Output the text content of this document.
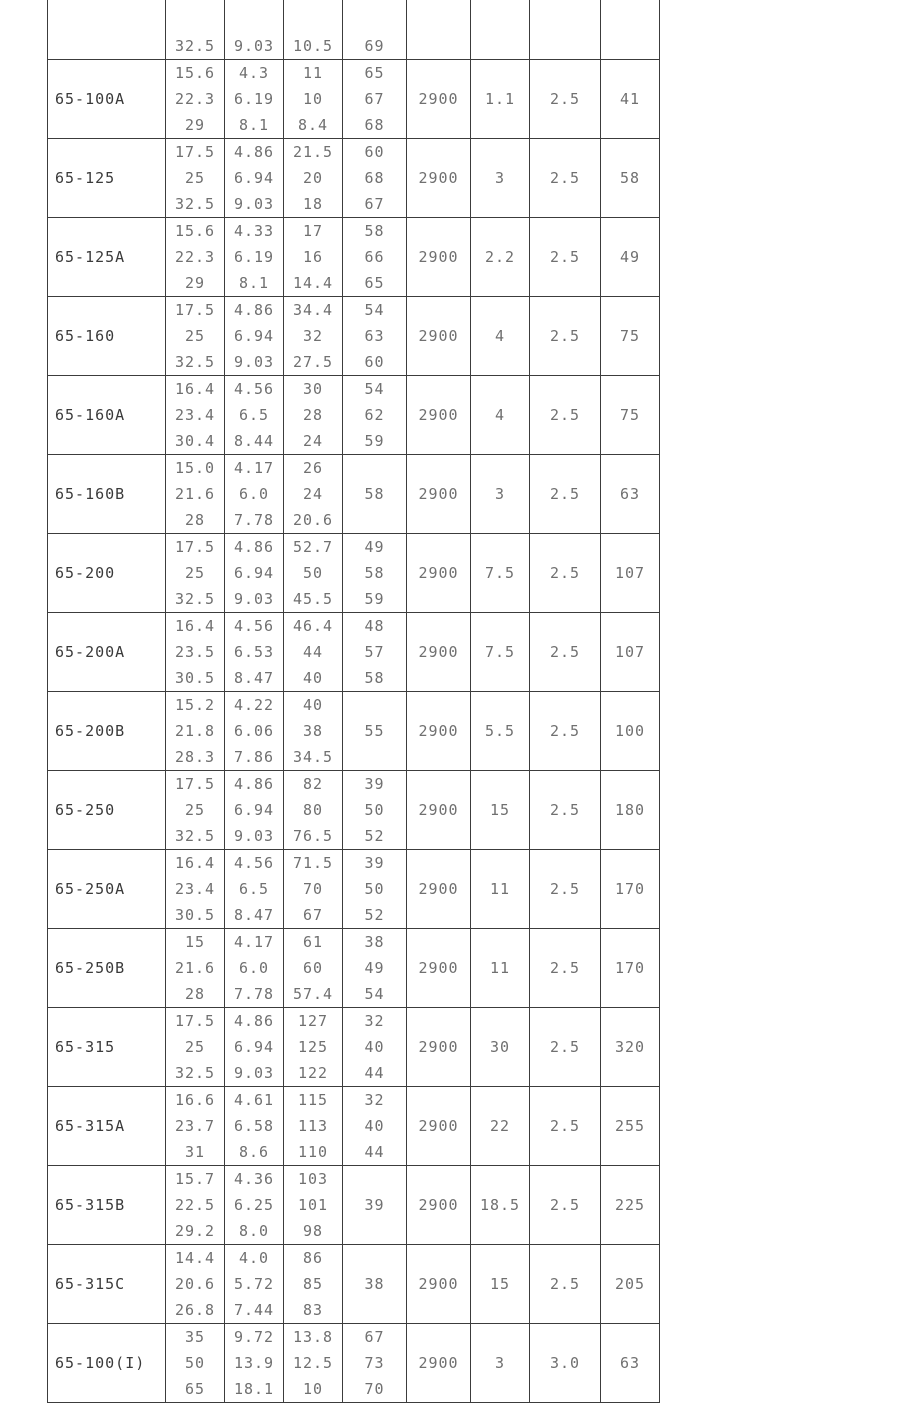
	32.5	9.03	10.5	69				

65-100A	15.6
22.3
29	4.3
6.19
8.1	11
10
8.4	65
67
68	2900	1.1	2.5	41
65-125	17.5
25
32.5	4.86
6.94
9.03	21.5
20
18	60
68
67	2900	3	2.5	58
65-125A	15.6
22.3
29	4.33
6.19
8.1	17
16
14.4	58
66
65	2900	2.2	2.5	49
65-160	17.5
25
32.5	4.86
6.94
9.03	34.4
32
27.5	54
63
60	2900	4	2.5	75
65-160A	16.4
23.4
30.4	4.56
6.5
8.44	30
28
24	54
62
59	2900	4	2.5	75
65-160B	15.0
21.6
28	4.17
6.0
7.78	26
24
20.6	58	2900	3	2.5	63
65-200	17.5
25
32.5	4.86
6.94
9.03	52.7
50
45.5	49
58
59	2900	7.5	2.5	107
65-200A	16.4
23.5
30.5	4.56
6.53
8.47	46.4
44
40	48
57
58	2900	7.5	2.5	107
65-200B	15.2
21.8
28.3	4.22
6.06
7.86	40
38
34.5	55	2900	5.5	2.5	100
65-250	17.5
25
32.5	4.86
6.94
9.03	82
80
76.5	39
50
52	2900	15	2.5	180
65-250A	16.4
23.4
30.5	4.56
6.5
8.47	71.5
70
67	39
50
52	2900	11	2.5	170
65-250B	15
21.6
28	4.17
6.0
7.78	61
60
57.4	38
49
54	2900	11	2.5	170
65-315	17.5
25
32.5	4.86
6.94
9.03	127
125
122	32
40
44	2900	30	2.5	320
65-315A	16.6
23.7
31	4.61
6.58
8.6	115
113
110	32
40
44	2900	22	2.5	255
65-315B	15.7
22.5
29.2	4.36
6.25
8.0	103
101
98	39	2900	18.5	2.5	225
65-315C	14.4
20.6
26.8	4.0
5.72
7.44	86
85
83	38	2900	15	2.5	205
65-100(I)	35
50
65	9.72
13.9
18.1	13.8
12.5
10	67
73
70	2900	3	3.0	63
